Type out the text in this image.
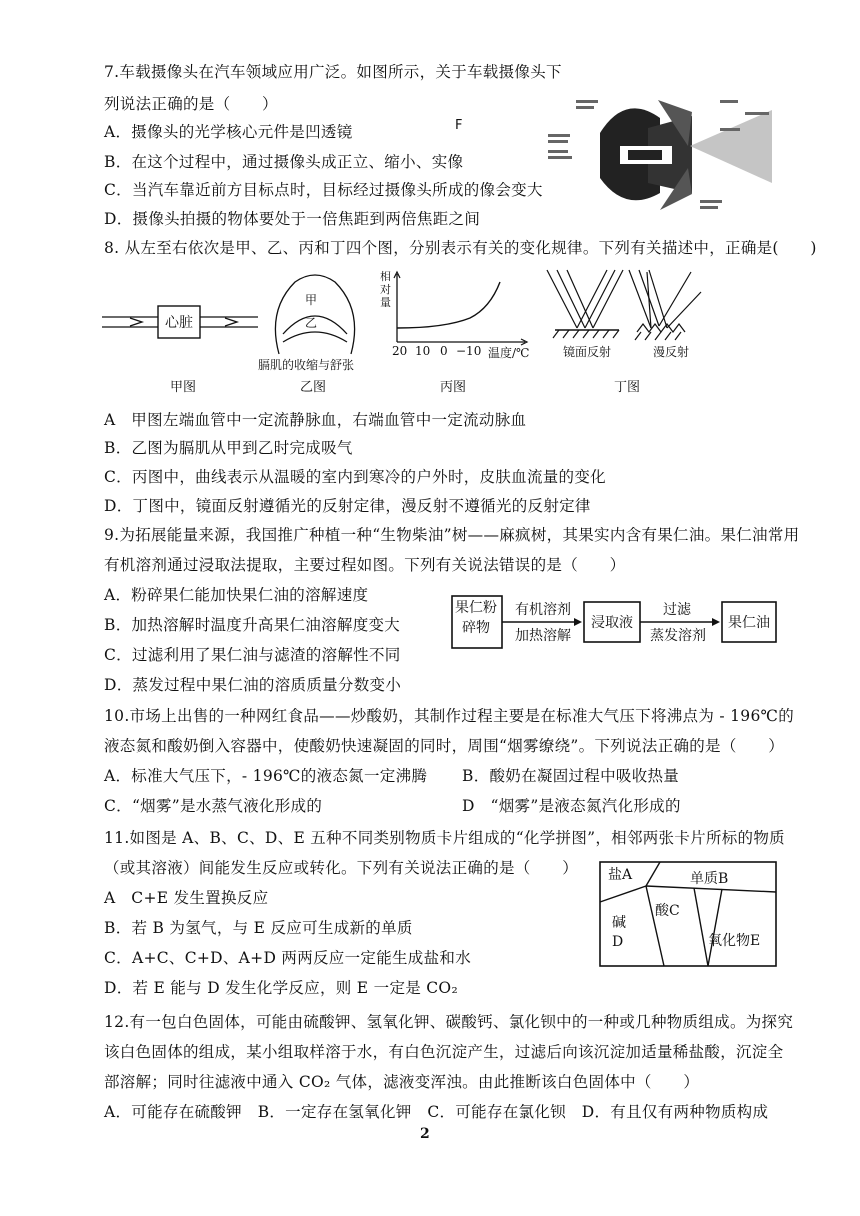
7.车载摄像头在汽车领域应用广泛。如图所示，关于车载摄像头下
列说法正确的是（　　）
A．摄像头的光学核心元件是凹透镜
B．在这个过程中，通过摄像头成正立、缩小、实像
C．当汽车靠近前方目标点时，目标经过摄像头所成的像会变大
D．摄像头拍摄的物体要处于一倍焦距到两倍焦距之间
F
8. 从左至右依次是甲、乙、丙和丁四个图，分别表示有关的变化规律。下列有关描述中，正确是(　　)
心脏
甲图
甲
乙
膈肌的收缩与舒张
乙图
相对量
20 10 0 −10 温度/℃
丙图
镜面反射	漫反射
丁图
A　甲图左端血管中一定流静脉血，右端血管中一定流动脉血
B．乙图为膈肌从甲到乙时完成吸气
C．丙图中，曲线表示从温暖的室内到寒冷的户外时，皮肤血流量的变化
D．丁图中，镜面反射遵循光的反射定律，漫反射不遵循光的反射定律
9.为拓展能量来源，我国推广种植一种“生物柴油”树——麻疯树，其果实内含有果仁油。果仁油常用
有机溶剂通过浸取法提取，主要过程如图。下列有关说法错误的是（　　）
A．粉碎果仁能加快果仁油的溶解速度
B．加热溶解时温度升高果仁油溶解度变大
C．过滤利用了果仁油与滤渣的溶解性不同
D．蒸发过程中果仁油的溶质质量分数变小
果仁粉碎物
有机溶剂
加热溶解
浸取液
过滤
蒸发溶剂
果仁油
10.市场上出售的一种网红食品——炒酸奶，其制作过程主要是在标准大气压下将沸点为 - 196℃的
液态氮和酸奶倒入容器中，使酸奶快速凝固的同时，周围“烟雾缭绕”。下列说法正确的是（　　）
A．标准大气压下，- 196℃的液态氮一定沸腾 B．酸奶在凝固过程中吸收热量
C．“烟雾”是水蒸气液化形成的	D　“烟雾”是液态氮汽化形成的
11.如图是 A、B、C、D、E 五种不同类别物质卡片组成的“化学拼图”，相邻两张卡片所标的物质
（或其溶液）间能发生反应或转化。下列有关说法正确的是（　　）
A　C+E 发生置换反应
B．若 B 为氢气，与 E 反应可生成新的单质
C．A+C、C+D、A+D 两两反应一定能生成盐和水
D．若 E 能与 D 发生化学反应，则 E 一定是 CO₂
盐A	单质B
酸C
碱
D	氧化物E
12.有一包白色固体，可能由硫酸钾、氢氧化钾、碳酸钙、氯化钡中的一种或几种物质组成。为探究
该白色固体的组成，某小组取样溶于水，有白色沉淀产生，过滤后向该沉淀加适量稀盐酸，沉淀全
部溶解；同时往滤液中通入 CO₂ 气体，滤液变浑浊。由此推断该白色固体中（　　）
A．可能存在硫酸钾　B．一定存在氢氧化钾　C．可能存在氯化钡　D．有且仅有两种物质构成
2
